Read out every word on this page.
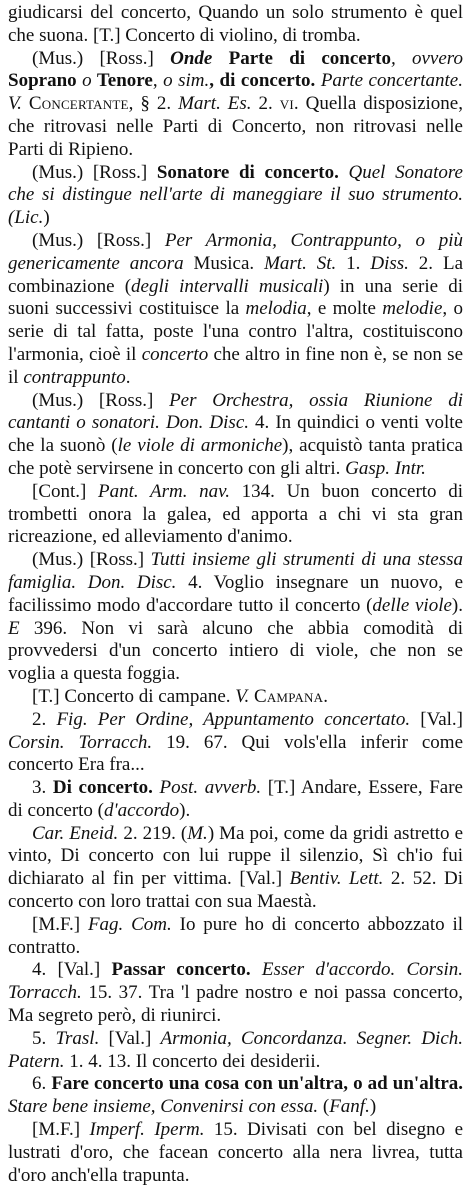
giudicarsi del concerto, Quando un solo strumento è quel che suona. [T.] Concerto di violino, di tromba.

(Mus.) [Ross.] Onde Parte di concerto, ovvero Soprano o Tenore, o sim., di concerto. Parte concertante. V. Concertante, § 2. Mart. Es. 2. vi. Quella disposizione, che ritrovasi nelle Parti di Concerto, non ritrovasi nelle Parti di Ripieno.

(Mus.) [Ross.] Sonatore di concerto. Quel Sonatore che si distingue nell'arte di maneggiare il suo strumento. (Lic.)

(Mus.) [Ross.] Per Armonia, Contrappunto, o più genericamente ancora Musica. Mart. St. 1. Diss. 2. La combinazione (degli intervalli musicali) in una serie di suoni successivi costituisce la melodia, e molte melodie, o serie di tal fatta, poste l'una contro l'altra, costituiscono l'armonia, cioè il concerto che altro in fine non è, se non se il contrappunto.

(Mus.) [Ross.] Per Orchestra, ossia Riunione di cantanti o sonatori. Don. Disc. 4. In quindici o venti volte che la suonò (le viole di armoniche), acquistò tanta pratica che potè servirsene in concerto con gli altri. Gasp. Intr.

[Cont.] Pant. Arm. nav. 134. Un buon concerto di trombetti onora la galea, ed apporta a chi vi sta gran ricreazione, ed alleviamento d'animo.

(Mus.) [Ross.] Tutti insieme gli strumenti di una stessa famiglia. Don. Disc. 4. Voglio insegnare un nuovo, e facilissimo modo d'accordare tutto il concerto (delle viole). E 396. Non vi sarà alcuno che abbia comodità di provvedersi d'un concerto intiero di viole, che non se voglia a questa foggia.

[T.] Concerto di campane. V. Campana.

2. Fig. Per Ordine, Appuntamento concertato. [Val.] Corsin. Torracch. 19. 67. Qui vols'ella inferir come concerto Era fra...

3. Di concerto. Post. avverb. [T.] Andare, Essere, Fare di concerto (d'accordo).

Car. Eneid. 2. 219. (M.) Ma poi, come da gridi astretto e vinto, Di concerto con lui ruppe il silenzio, Sì ch'io fui dichiarato al fin per vittima. [Val.] Bentiv. Lett. 2. 52. Di concerto con loro trattai con sua Maestà.

[M.F.] Fag. Com. Io pure ho di concerto abbozzato il contratto.

4. [Val.] Passar concerto. Esser d'accordo. Corsin. Torracch. 15. 37. Tra 'l padre nostro e noi passa concerto, Ma segreto però, di riunirci.

5. Trasl. [Val.] Armonia, Concordanza. Segner. Dich. Patern. 1. 4. 13. Il concerto dei desiderii.

6. Fare concerto una cosa con un'altra, o ad un'altra. Stare bene insieme, Convenirsi con essa. (Fanf.)

[M.F.] Imperf. Iperm. 15. Divisati con bel disegno e lustrati d'oro, che facean concerto alla nera livrea, tutta d'oro anch'ella trapunta.
